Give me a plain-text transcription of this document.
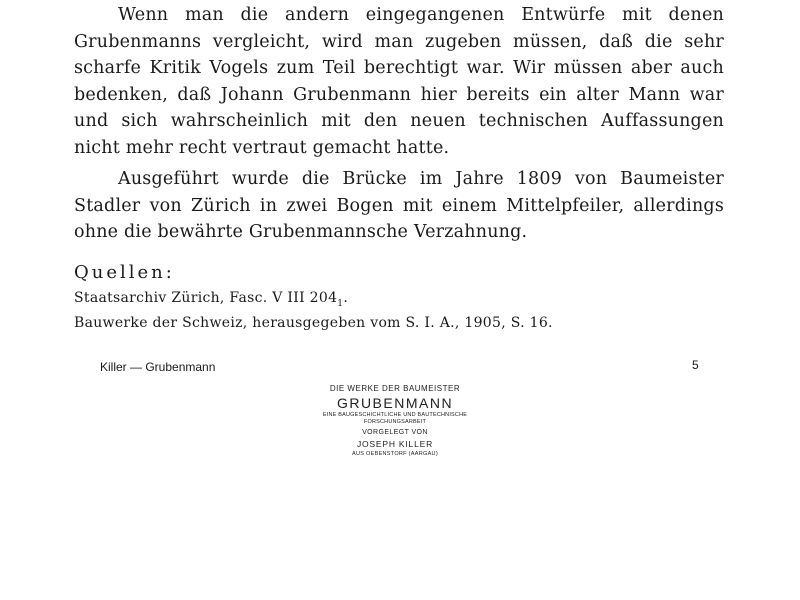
Wenn man die andern eingegangenen Entwürfe mit denen Grubenmanns vergleicht, wird man zugeben müssen, daß die sehr scharfe Kritik Vogels zum Teil berechtigt war. Wir müssen aber auch bedenken, daß Johann Grubenmann hier bereits ein alter Mann war und sich wahrscheinlich mit den neuen technischen Auffassungen nicht mehr recht vertraut gemacht hatte.

Ausgeführt wurde die Brücke im Jahre 1809 von Baumeister Stadler von Zürich in zwei Bogen mit einem Mittelpfeiler, allerdings ohne die bewährte Grubenmannsche Verzahnung.

Quellen:

Staatsarchiv Zürich, Fasc. V III $204_1$.

Bauwerke der Schweiz, herausgegeben vom S. I. A., 1905, S. 16.

Killer — Grubenmann	5

DIE WERKE DER BAUMEISTER
GRUBENMANN
EINE BAUGESCHICHTLICHE UND BAUTECHNISCHE
FORSCHUNGSARBEIT
VORGELEGT VON
JOSEPH KILLER
AUS OEBENSTORF (AARGAU)
